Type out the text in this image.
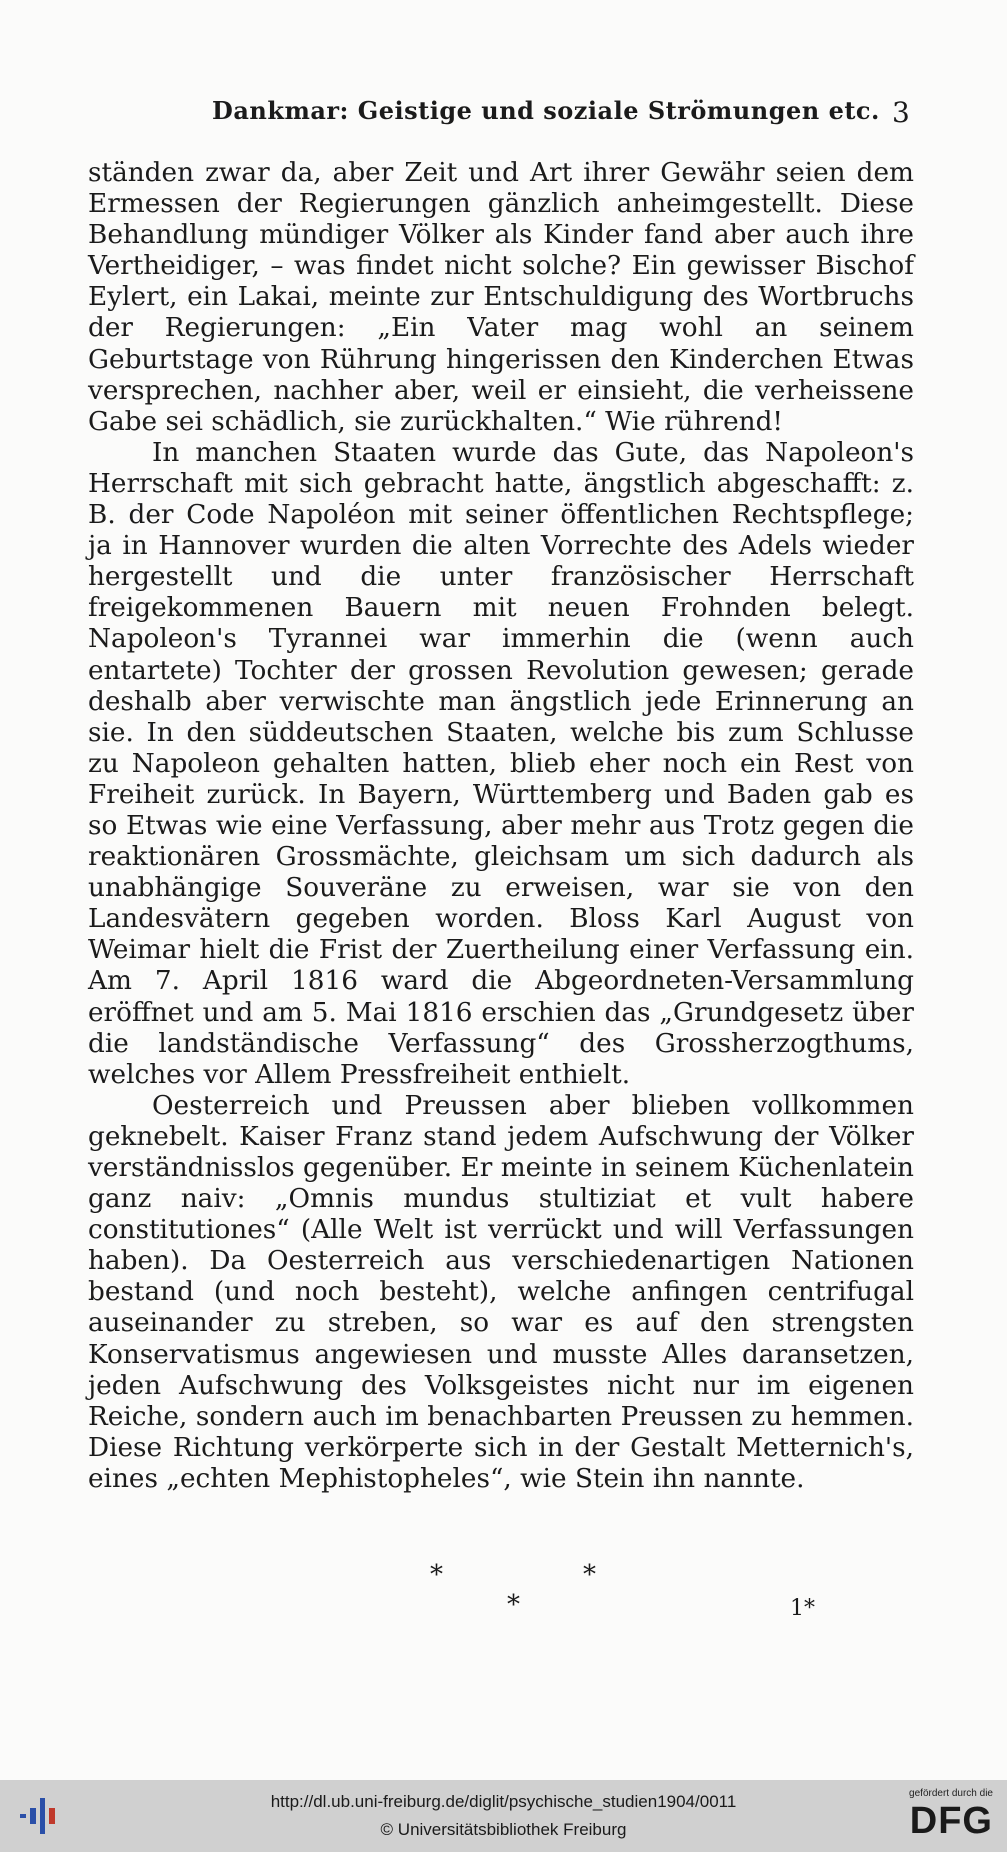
Dankmar: Geistige und soziale Strömungen etc. 3

ständen zwar da, aber Zeit und Art ihrer Gewähr seien dem Ermessen der Regierungen gänzlich anheimgestellt. Diese Behandlung mündiger Völker als Kinder fand aber auch ihre Vertheidiger, – was findet nicht solche? Ein gewisser Bischof Eylert, ein Lakai, meinte zur Entschuldigung des Wortbruchs der Regierungen: „Ein Vater mag wohl an seinem Geburtstage von Rührung hingerissen den Kinderchen Etwas versprechen, nachher aber, weil er einsieht, die verheissene Gabe sei schädlich, sie zurückhalten.“ Wie rührend!

In manchen Staaten wurde das Gute, das Napoleon's Herrschaft mit sich gebracht hatte, ängstlich abgeschafft: z. B. der Code Napoléon mit seiner öffentlichen Rechtspflege; ja in Hannover wurden die alten Vorrechte des Adels wieder hergestellt und die unter französischer Herrschaft freigekommenen Bauern mit neuen Frohnden belegt. Napoleon's Tyrannei war immerhin die (wenn auch entartete) Tochter der grossen Revolution gewesen; gerade deshalb aber verwischte man ängstlich jede Erinnerung an sie. In den süddeutschen Staaten, welche bis zum Schlusse zu Napoleon gehalten hatten, blieb eher noch ein Rest von Freiheit zurück. In Bayern, Württemberg und Baden gab es so Etwas wie eine Verfassung, aber mehr aus Trotz gegen die reaktionären Grossmächte, gleichsam um sich dadurch als unabhängige Souveräne zu erweisen, war sie von den Landesvätern gegeben worden. Bloss Karl August von Weimar hielt die Frist der Zuertheilung einer Verfassung ein. Am 7. April 1816 ward die Abgeordneten-Versammlung eröffnet und am 5. Mai 1816 erschien das „Grundgesetz über die landständische Verfassung“ des Grossherzogthums, welches vor Allem Pressfreiheit enthielt.

Oesterreich und Preussen aber blieben vollkommen geknebelt. Kaiser Franz stand jedem Aufschwung der Völker verständnisslos gegenüber. Er meinte in seinem Küchenlatein ganz naiv: „Omnis mundus stultiziat et vult habere constitutiones“ (Alle Welt ist verrückt und will Verfassungen haben). Da Oesterreich aus verschiedenartigen Nationen bestand (und noch besteht), welche anfingen centrifugal auseinander zu streben, so war es auf den strengsten Konservatismus angewiesen und musste Alles daransetzen, jeden Aufschwung des Volksgeistes nicht nur im eigenen Reiche, sondern auch im benachbarten Preussen zu hemmen. Diese Richtung verkörperte sich in der Gestalt Metternich's, eines „echten Mephistopheles“, wie Stein ihn nannte.

*	*
*	1*
http://dl.ub.uni-freiburg.de/diglit/psychische_studien1904/0011
© Universitätsbibliothek Freiburg
gefördert durch die
DFG
